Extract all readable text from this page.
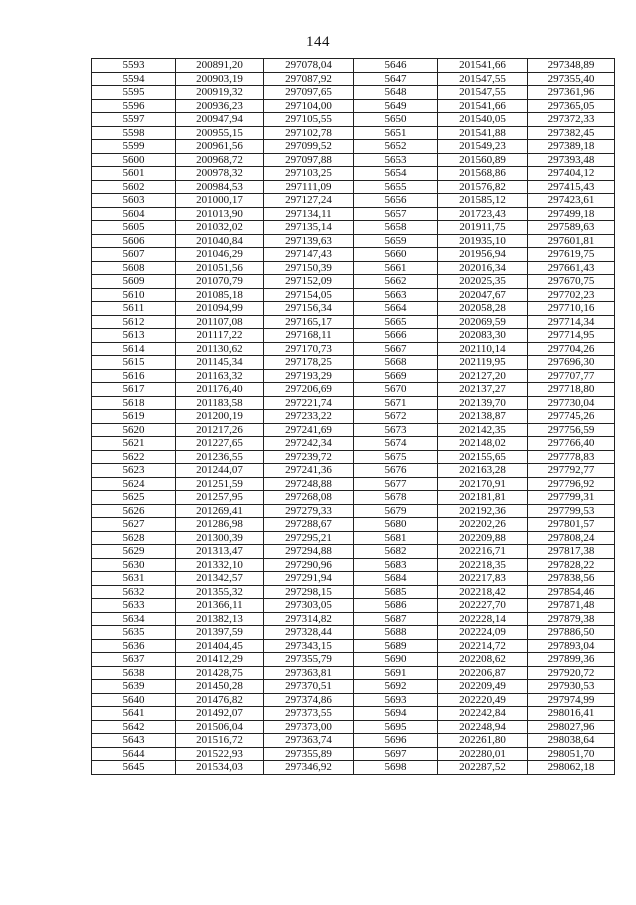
144
5593	200891,20	297078,04	5646	201541,66	297348,89
5594	200903,19	297087,92	5647	201547,55	297355,40
5595	200919,32	297097,65	5648	201547,55	297361,96
5596	200936,23	297104,00	5649	201541,66	297365,05
5597	200947,94	297105,55	5650	201540,05	297372,33
5598	200955,15	297102,78	5651	201541,88	297382,45
5599	200961,56	297099,52	5652	201549,23	297389,18
5600	200968,72	297097,88	5653	201560,89	297393,48
5601	200978,32	297103,25	5654	201568,86	297404,12
5602	200984,53	297111,09	5655	201576,82	297415,43
5603	201000,17	297127,24	5656	201585,12	297423,61
5604	201013,90	297134,11	5657	201723,43	297499,18
5605	201032,02	297135,14	5658	201911,75	297589,63
5606	201040,84	297139,63	5659	201935,10	297601,81
5607	201046,29	297147,43	5660	201956,94	297619,75
5608	201051,56	297150,39	5661	202016,34	297661,43
5609	201070,79	297152,09	5662	202025,35	297670,75
5610	201085,18	297154,05	5663	202047,67	297702,23
5611	201094,99	297156,34	5664	202058,28	297710,16
5612	201107,08	297165,17	5665	202069,59	297714,34
5613	201117,22	297168,11	5666	202083,30	297714,95
5614	201130,62	297170,73	5667	202110,14	297704,26
5615	201145,34	297178,25	5668	202119,95	297696,30
5616	201163,32	297193,29	5669	202127,20	297707,77
5617	201176,40	297206,69	5670	202137,27	297718,80
5618	201183,58	297221,74	5671	202139,70	297730,04
5619	201200,19	297233,22	5672	202138,87	297745,26
5620	201217,26	297241,69	5673	202142,35	297756,59
5621	201227,65	297242,34	5674	202148,02	297766,40
5622	201236,55	297239,72	5675	202155,65	297778,83
5623	201244,07	297241,36	5676	202163,28	297792,77
5624	201251,59	297248,88	5677	202170,91	297796,92
5625	201257,95	297268,08	5678	202181,81	297799,31
5626	201269,41	297279,33	5679	202192,36	297799,53
5627	201286,98	297288,67	5680	202202,26	297801,57
5628	201300,39	297295,21	5681	202209,88	297808,24
5629	201313,47	297294,88	5682	202216,71	297817,38
5630	201332,10	297290,96	5683	202218,35	297828,22
5631	201342,57	297291,94	5684	202217,83	297838,56
5632	201355,32	297298,15	5685	202218,42	297854,46
5633	201366,11	297303,05	5686	202227,70	297871,48
5634	201382,13	297314,82	5687	202228,14	297879,38
5635	201397,59	297328,44	5688	202224,09	297886,50
5636	201404,45	297343,15	5689	202214,72	297893,04
5637	201412,29	297355,79	5690	202208,62	297899,36
5638	201428,75	297363,81	5691	202206,87	297920,72
5639	201450,28	297370,51	5692	202209,49	297930,53
5640	201476,82	297374,86	5693	202220,49	297974,99
5641	201492,07	297373,55	5694	202242,84	298016,41
5642	201506,04	297373,00	5695	202248,94	298027,96
5643	201516,72	297363,74	5696	202261,80	298038,64
5644	201522,93	297355,89	5697	202280,01	298051,70
5645	201534,03	297346,92	5698	202287,52	298062,18
